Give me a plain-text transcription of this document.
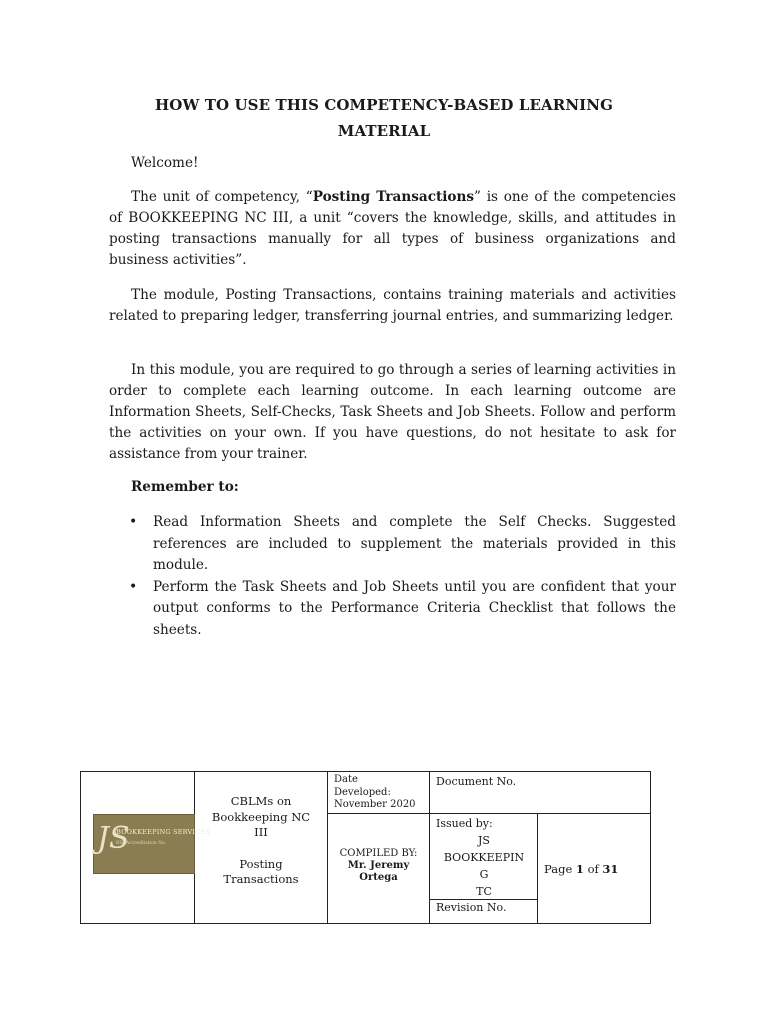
HOW TO USE THIS COMPETENCY-BASED LEARNING
MATERIAL
Welcome!
The unit of competency, “Posting Transactions” is one of the competencies of BOOKKEEPING NC III, a unit “covers the knowledge, skills, and attitudes in posting transactions manually for all types of business organizations and business activities”.
The module, Posting Transactions, contains training materials and activities related to preparing ledger, transferring journal entries, and summarizing ledger.
In this module, you are required to go through a series of learning activities in order to complete each learning outcome. In each learning outcome are Information Sheets, Self-Checks, Task Sheets and Job Sheets. Follow and perform the activities on your own. If you have questions, do not hesitate to ask for assistance from your trainer.
Remember to:
• Read Information Sheets and complete the Self Checks. Suggested references are included to supplement the materials provided in this module.
• Perform the Task Sheets and Job Sheets until you are confident that your output conforms to the Performance Criteria Checklist that follows the sheets.
JS
BOOKKEEPING SERVICES
BIR Accreditation No.
CBLMs on
Bookkeeping NC
III
Posting
Transactions
Date
Developed:
November 2020
Document No.
COMPILED BY:
Mr. Jeremy
Ortega
Issued by:
JS
BOOKKEEPIN
G
TC
Revision No.
Page 1 of 31
